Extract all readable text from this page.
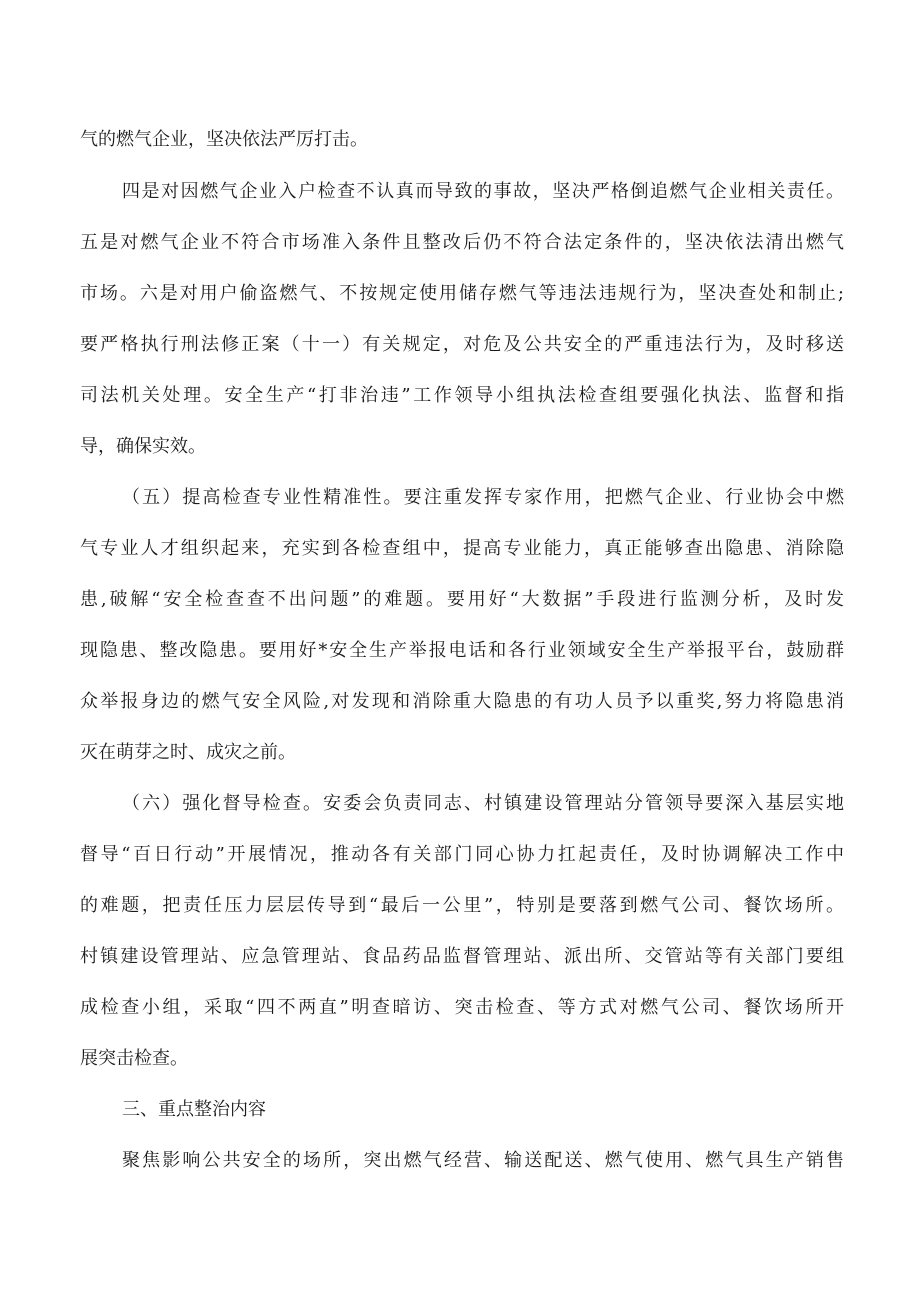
气的燃气企业，坚决依法严厉打击。
四是对因燃气企业入户检查不认真而导致的事故，坚决严格倒追燃气企业相关责任。
五是对燃气企业不符合市场准入条件且整改后仍不符合法定条件的，坚决依法清出燃气
市场。六是对用户偷盗燃气、不按规定使用储存燃气等违法违规行为，坚决查处和制止;
要严格执行刑法修正案（十一）有关规定，对危及公共安全的严重违法行为，及时移送
司法机关处理。安全生产“打非治违”工作领导小组执法检查组要强化执法、监督和指
导，确保实效。
（五）提高检查专业性精准性。要注重发挥专家作用，把燃气企业、行业协会中燃
气专业人才组织起来，充实到各检查组中，提高专业能力，真正能够查出隐患、消除隐
患,破解“安全检查查不出问题”的难题。要用好“大数据”手段进行监测分析，及时发
现隐患、整改隐患。要用好*安全生产举报电话和各行业领域安全生产举报平台，鼓励群
众举报身边的燃气安全风险,对发现和消除重大隐患的有功人员予以重奖,努力将隐患消
灭在萌芽之时、成灾之前。
（六）强化督导检查。安委会负责同志、村镇建设管理站分管领导要深入基层实地
督导“百日行动”开展情况，推动各有关部门同心协力扛起责任，及时协调解决工作中
的难题，把责任压力层层传导到“最后一公里”，特别是要落到燃气公司、餐饮场所。
村镇建设管理站、应急管理站、食品药品监督管理站、派出所、交管站等有关部门要组
成检查小组，采取“四不两直”明查暗访、突击检查、等方式对燃气公司、餐饮场所开
展突击检查。
三、重点整治内容
聚焦影响公共安全的场所，突出燃气经营、输送配送、燃气使用、燃气具生产销售
